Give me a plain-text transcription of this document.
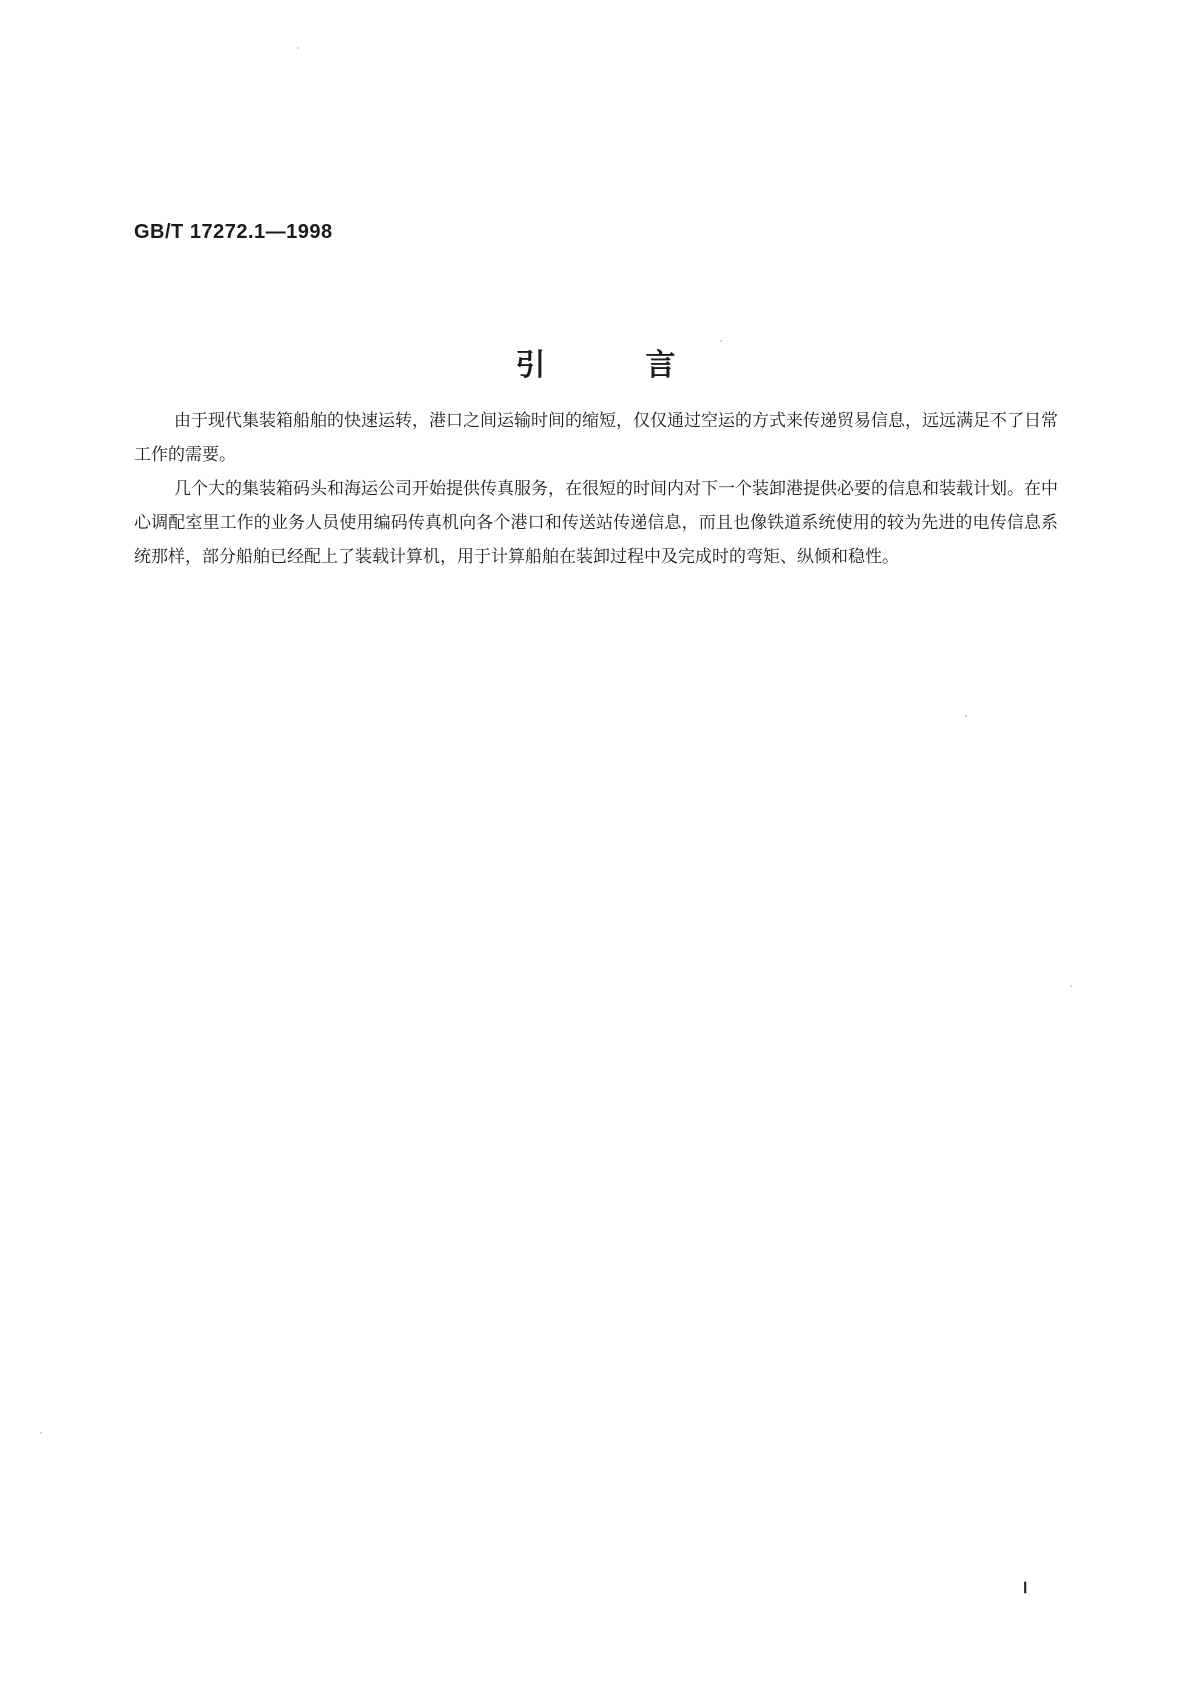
GB/T 17272.1—1998
引	言

由于现代集装箱船舶的快速运转，港口之间运输时间的缩短，仅仅通过空运的方式来传递贸易信息，远远满足不了日常工作的需要。

几个大的集装箱码头和海运公司开始提供传真服务，在很短的时间内对下一个装卸港提供必要的信息和装载计划。在中心调配室里工作的业务人员使用编码传真机向各个港口和传送站传递信息，而且也像铁道系统使用的较为先进的电传信息系统那样，部分船舶已经配上了装载计算机，用于计算船舶在装卸过程中及完成时的弯矩、纵倾和稳性。

Ⅰ
